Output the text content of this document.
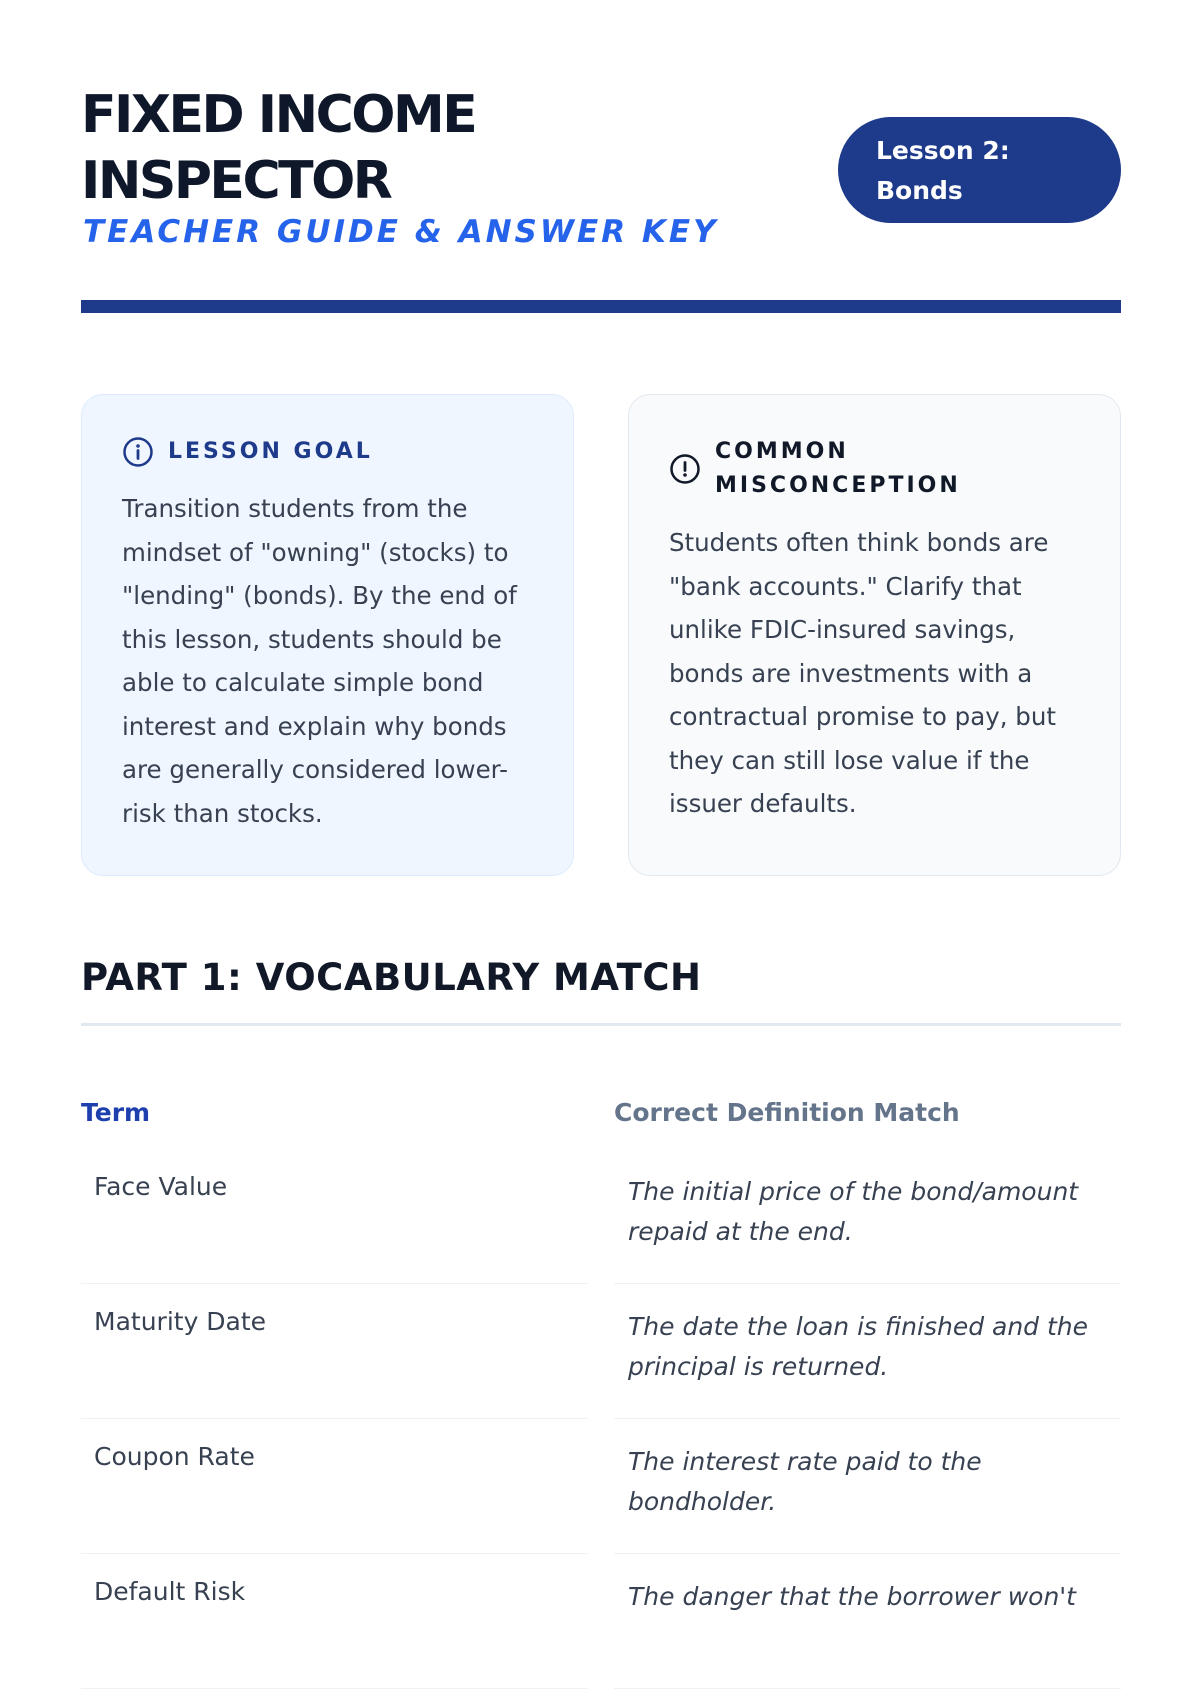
FIXED INCOME
INSPECTOR
TEACHER GUIDE & ANSWER KEY
Lesson 2:
Bonds
LESSON GOAL

Transition students from the mindset of "owning" (stocks) to "lending" (bonds). By the end of this lesson, students should be able to calculate simple bond interest and explain why bonds are generally considered lower-risk than stocks.

COMMON
MISCONCEPTION

Students often think bonds are "bank accounts." Clarify that unlike FDIC-insured savings, bonds are investments with a contractual promise to pay, but they can still lose value if the issuer defaults.

PART 1: VOCABULARY MATCH
Term	Correct Definition Match
Face Value	The initial price of the bond/amount repaid at the end.
Maturity Date	The date the loan is finished and the principal is returned.
Coupon Rate	The interest rate paid to the bondholder.
Default Risk	The danger that the borrower won't
